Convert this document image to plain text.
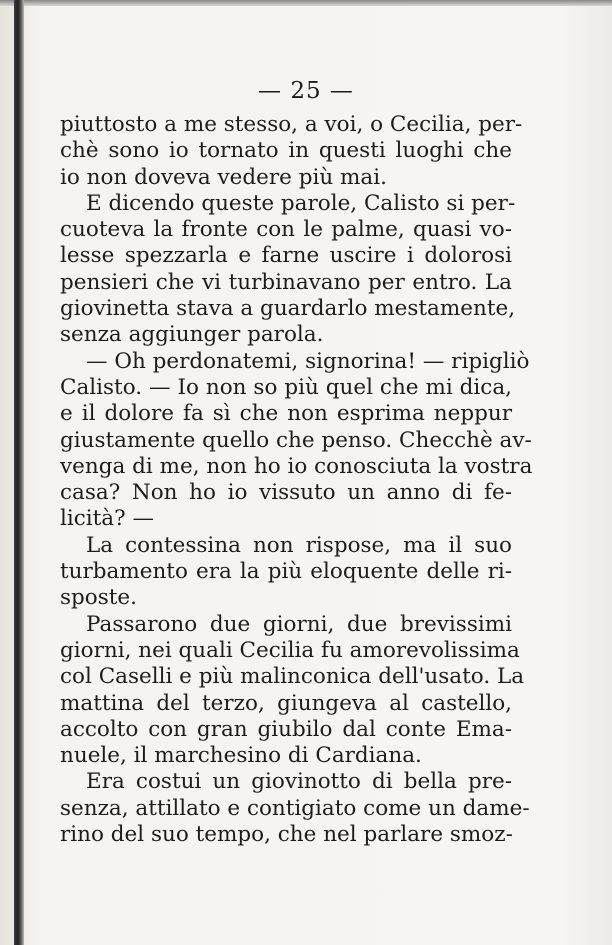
— 25 —
piuttosto a me stesso, a voi, o Cecilia, per-
chè sono io tornato in questi luoghi che
io non doveva vedere più mai.
E dicendo queste parole, Calisto si per-
cuoteva la fronte con le palme, quasi vo-
lesse spezzarla e farne uscire i dolorosi
pensieri che vi turbinavano per entro. La
giovinetta stava a guardarlo mestamente,
senza aggiunger parola.
— Oh perdonatemi, signorina! — ripigliò
Calisto. — Io non so più quel che mi dica,
e il dolore fa sì che non esprima neppur
giustamente quello che penso. Checchè av-
venga di me, non ho io conosciuta la vostra
casa? Non ho io vissuto un anno di fe-
licità? —
La contessina non rispose, ma il suo
turbamento era la più eloquente delle ri-
sposte.
Passarono due giorni, due brevissimi
giorni, nei quali Cecilia fu amorevolissima
col Caselli e più malinconica dell'usato. La
mattina del terzo, giungeva al castello,
accolto con gran giubilo dal conte Ema-
nuele, il marchesino di Cardiana.
Era costui un giovinotto di bella pre-
senza, attillato e contigiato come un dame-
rino del suo tempo, che nel parlare smoz-
